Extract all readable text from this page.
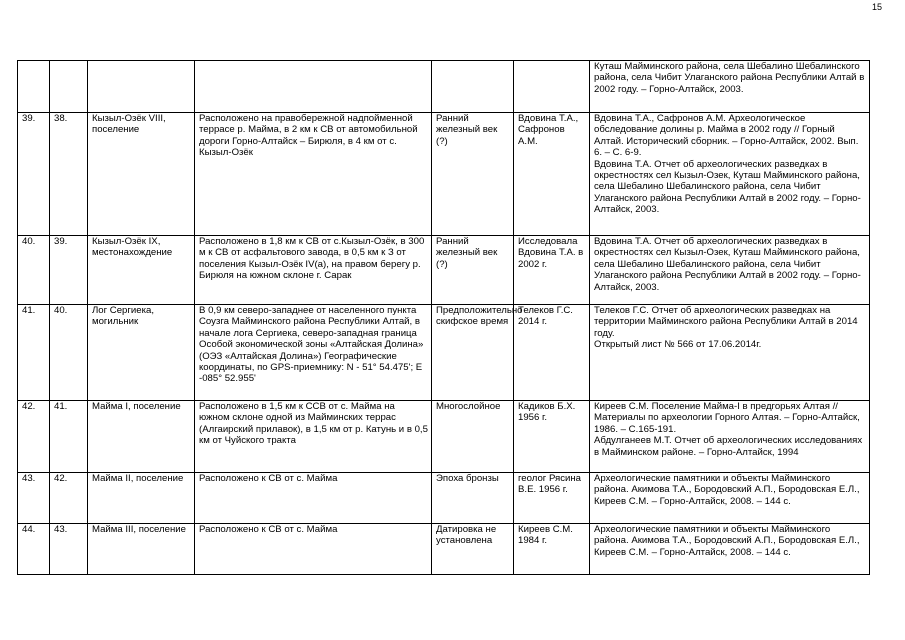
15

						Куташ Майминского района, села Шебалино Шебалинского района, села Чибит Улаганского района Республики Алтай в 2002 году. – Горно-Алтайск, 2003.

39.	38.	Кызыл-Озёк VIII, поселение	Расположено на правобережной надпойменной террасе р. Майма, в 2 км к СВ от автомобильной дороги Горно-Алтайск – Бирюля, в 4 км от с. Кызыл-Озёк	Ранний железный век (?)	Вдовина Т.А., Сафронов А.М.	Вдовина Т.А., Сафронов А.М. Археологическое обследование долины р. Майма в 2002 году // Горный Алтай. Исторический сборник. – Горно-Алтайск, 2002. Вып. 6. – С. 6-9.
Вдовина Т.А. Отчет об археологических разведках в окрестностях сел Кызыл-Озек, Куташ Майминского района, села Шебалино Шебалинского района, села Чибит Улаганского района Республики Алтай в 2002 году. – Горно-Алтайск, 2003.

40.	39.	Кызыл-Озёк IX, местонахождение	Расположено в 1,8 км к СВ от с.Кызыл-Озёк, в 300 м к СВ от асфальтового завода, в 0,5 км к З от поселения Кызыл-Озёк IV(а), на правом берегу р. Бирюля на южном склоне г. Сарак	Ранний железный век (?)	Исследовала Вдовина Т.А. в 2002 г.	Вдовина Т.А. Отчет об археологических разведках в окрестностях сел Кызыл-Озек, Куташ Майминского района, села Шебалино Шебалинского района, села Чибит Улаганского района Республики Алтай в 2002 году. – Горно-Алтайск, 2003.

41.	40.	Лог Сергиека, могильник	В 0,9 км северо-западнее от населенного пункта Соузга Майминского района Республики Алтай, в начале лога Сергиека, северо-западная граница Особой экономической зоны «Алтайская Долина» (ОЭЗ «Алтайская Долина») Географические координаты, по GPS-приемнику: N - 51° 54.475'; E -085° 52.955'	Предположительно скифское время	Телеков Г.С. 2014 г.	Телеков Г.С. Отчет об археологических разведках на территории Майминского района Республики Алтай в 2014 году.
Открытый лист № 566 от 17.06.2014г.

42.	41.	Майма I, поселение	Расположено в 1,5 км к ССВ от с. Майма на южном склоне одной из Майминских террас (Алгаирский прилавок), в 1,5 км от р. Катунь и в 0,5 км от Чуйского тракта	Многослойное	Кадиков Б.Х. 1956 г.	Киреев С.М. Поселение Майма-I в предгорьях Алтая // Материалы по археологии Горного Алтая. – Горно-Алтайск, 1986. – С.165-191.
Абдулганеев М.Т. Отчет об археологических исследованиях в Майминском районе. – Горно-Алтайск, 1994

43.	42.	Майма II, поселение	Расположено к СВ от с. Майма	Эпоха бронзы	геолог Рясина В.Е. 1956 г.	Археологические памятники и объекты Майминского района. Акимова Т.А., Бородовский А.П., Бородовская Е.Л., Киреев С.М. – Горно-Алтайск, 2008. – 144 с.

44.	43.	Майма III, поселение	Расположено к СВ от с. Майма	Датировка не установлена	Киреев С.М. 1984 г.	Археологические памятники и объекты Майминского района. Акимова Т.А., Бородовский А.П., Бородовская Е.Л., Киреев С.М. – Горно-Алтайск, 2008. – 144 с.
